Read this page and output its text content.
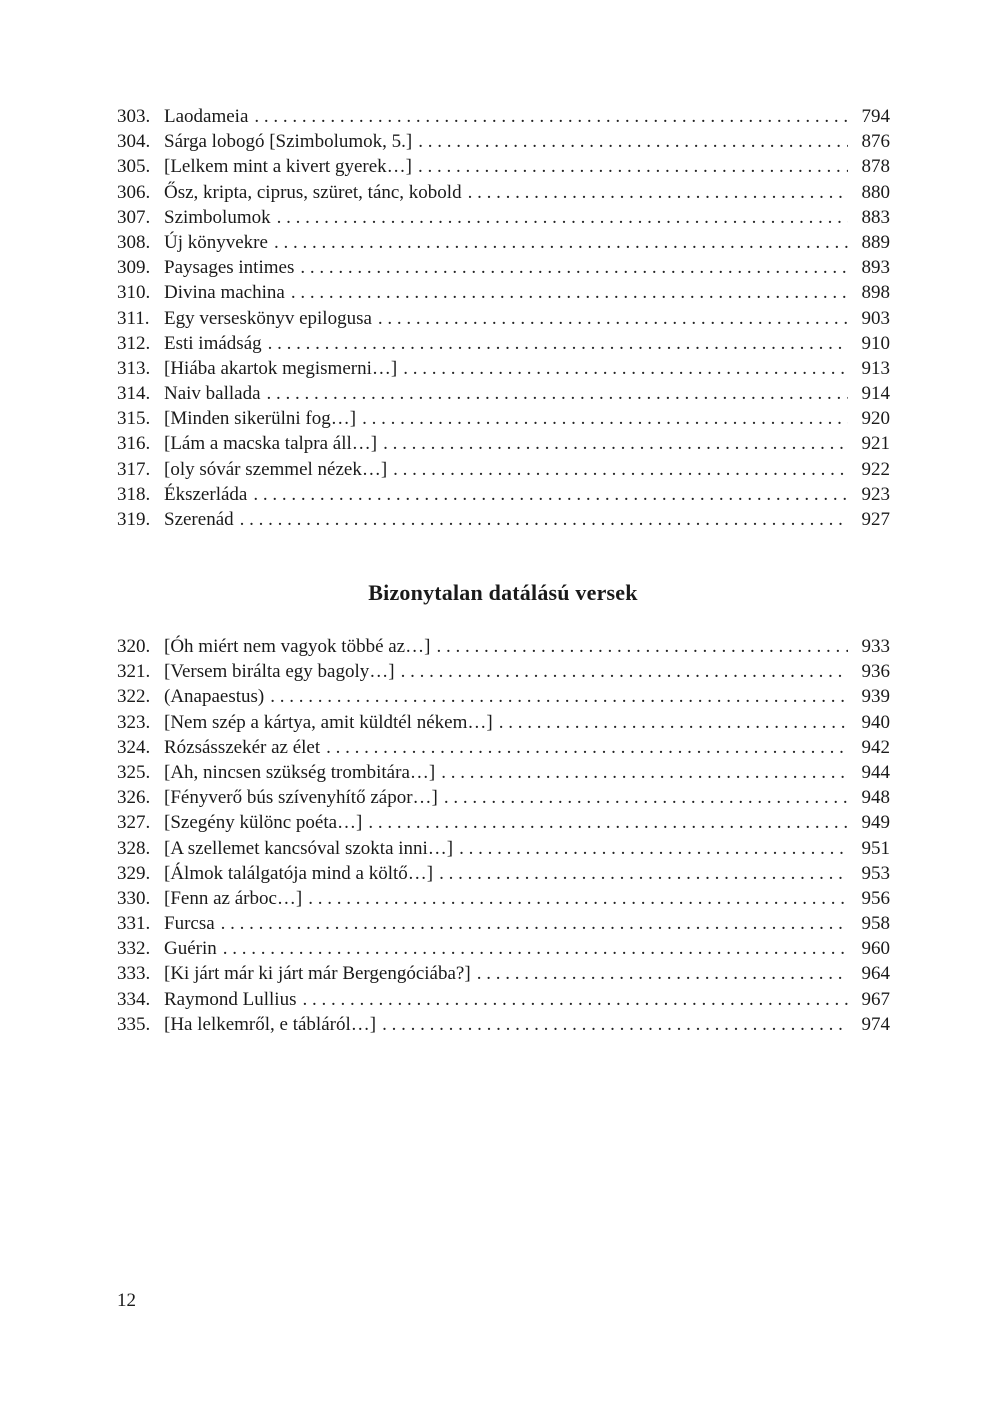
303. Laodameia . . .	794
304. Sárga lobogó [Szimbolumok, 5.] . . .	876
305. [Lelkem mint a kivert gyerek…] . . .	878
306. Ősz, kripta, ciprus, szüret, tánc, kobold . . .	880
307. Szimbolumok . . .	883
308. Új könyvekre . . .	889
309. Paysages intimes . . .	893
310. Divina machina . . .	898
311. Egy verseskönyv epilogusa . . .	903
312. Esti imádság . . .	910
313. [Hiába akartok megismerni…] . . .	913
314. Naiv ballada . . .	914
315. [Minden sikerülni fog…] . . .	920
316. [Lám a macska talpra áll…] . . .	921
317. [oly sóvár szemmel nézek…] . . .	922
318. Ékszerláda . . .	923
319. Szerenád . . .	927
Bizonytalan datálású versek
320. [Óh miért nem vagyok többé az…] . . .	933
321. [Versem birálta egy bagoly…] . . .	936
322. (Anapaestus) . . .	939
323. [Nem szép a kártya, amit küldtél nékem…] . . .	940
324. Rózsásszekér az élet . . .	942
325. [Ah, nincsen szükség trombitára…] . . .	944
326. [Fényverő bús szívenyhítő zápor…] . . .	948
327. [Szegény különc poéta…] . . .	949
328. [A szellemet kancsóval szokta inni…] . . .	951
329. [Álmok találgatója mind a költő…] . . .	953
330. [Fenn az árboc…] . . .	956
331. Furcsa . . .	958
332. Guérin . . .	960
333. [Ki járt már ki járt már Bergengóciába?] . . .	964
334. Raymond Lullius . . .	967
335. [Ha lelkemről, e tábláról…] . . .	974
12
